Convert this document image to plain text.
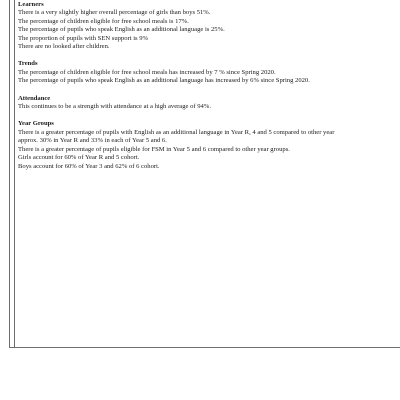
Learners
There is a very slightly higher overall percentage of girls than boys 51%.
The percentage of children eligible for free school meals is 17%.
The percentage of pupils who speak English as an additional language is 25%.
The proportion of pupils with SEN support is 9%
There are no looked after children.
Trends
The percentage of children eligible for free school meals has increased by 7 % since Spring 2020.
The percentage of pupils who speak English as an additional language has increased by 6% since Spring 2020.
Attendance
This continues to be a strength with attendance at a high average of 94%.
Year Groups
There is a greater percentage of pupils with English as an additional language in Year R, 4 and 5 compared to other year
approx. 30% in Year R and 33% in each of Year 5 and 6.
There is a greater percentage of pupils eligible for FSM in Year 5 and 6 compared to other year groups.
Girls account for 60% of Year R and 5 cohort.
Boys account for 60% of Year 3 and 62% of 6 cohort.
